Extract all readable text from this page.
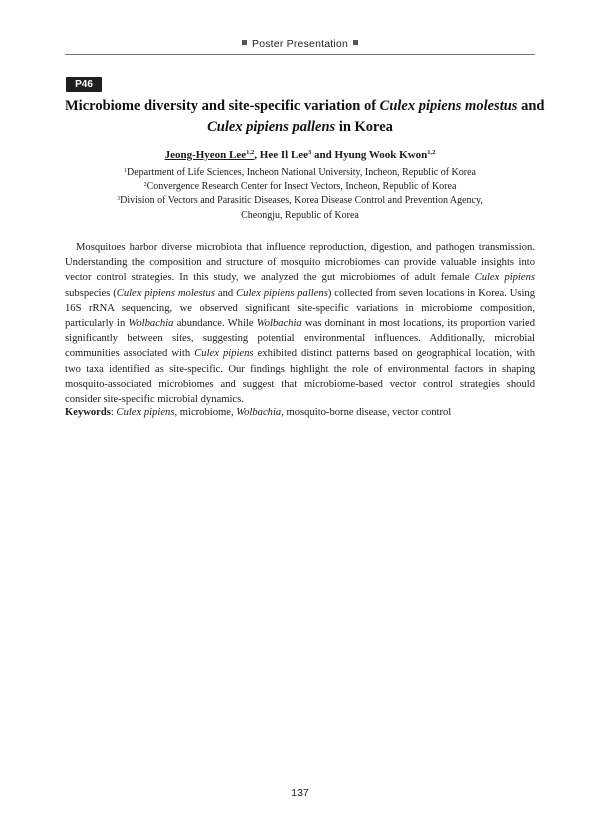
Poster Presentation
P46
Microbiome diversity and site-specific variation of Culex pipiens molestus and
Culex pipiens pallens in Korea
Jeong-Hyeon Lee$^{1,2}$, Hee Il Lee$^3$ and Hyung Wook Kwon$^{1,2}$
$^1$Department of Life Sciences, Incheon National University, Incheon, Republic of Korea
$^2$Convergence Research Center for Insect Vectors, Incheon, Republic of Korea
$^3$Division of Vectors and Parasitic Diseases, Korea Disease Control and Prevention Agency,
Cheongju, Republic of Korea

Mosquitoes harbor diverse microbiota that influence reproduction, digestion, and pathogen transmission. Understanding the composition and structure of mosquito microbiomes can provide valuable insights into vector control strategies. In this study, we analyzed the gut microbiomes of adult female Culex pipiens subspecies (Culex pipiens molestus and Culex pipiens pallens) collected from seven locations in Korea. Using 16S rRNA sequencing, we observed significant site-specific variations in microbiome composition, particularly in Wolbachia abundance. While Wolbachia was dominant in most locations, its proportion varied significantly between sites, suggesting potential environmental influences. Additionally, microbial communities associated with Culex pipiens exhibited distinct patterns based on geographical location, with two taxa identified as site-specific. Our findings highlight the role of environmental factors in shaping mosquito-associated microbiomes and suggest that microbiome-based vector control strategies should consider site-specific microbial dynamics.

Keywords: Culex pipiens, microbiome, Wolbachia, mosquito-borne disease, vector control
137
